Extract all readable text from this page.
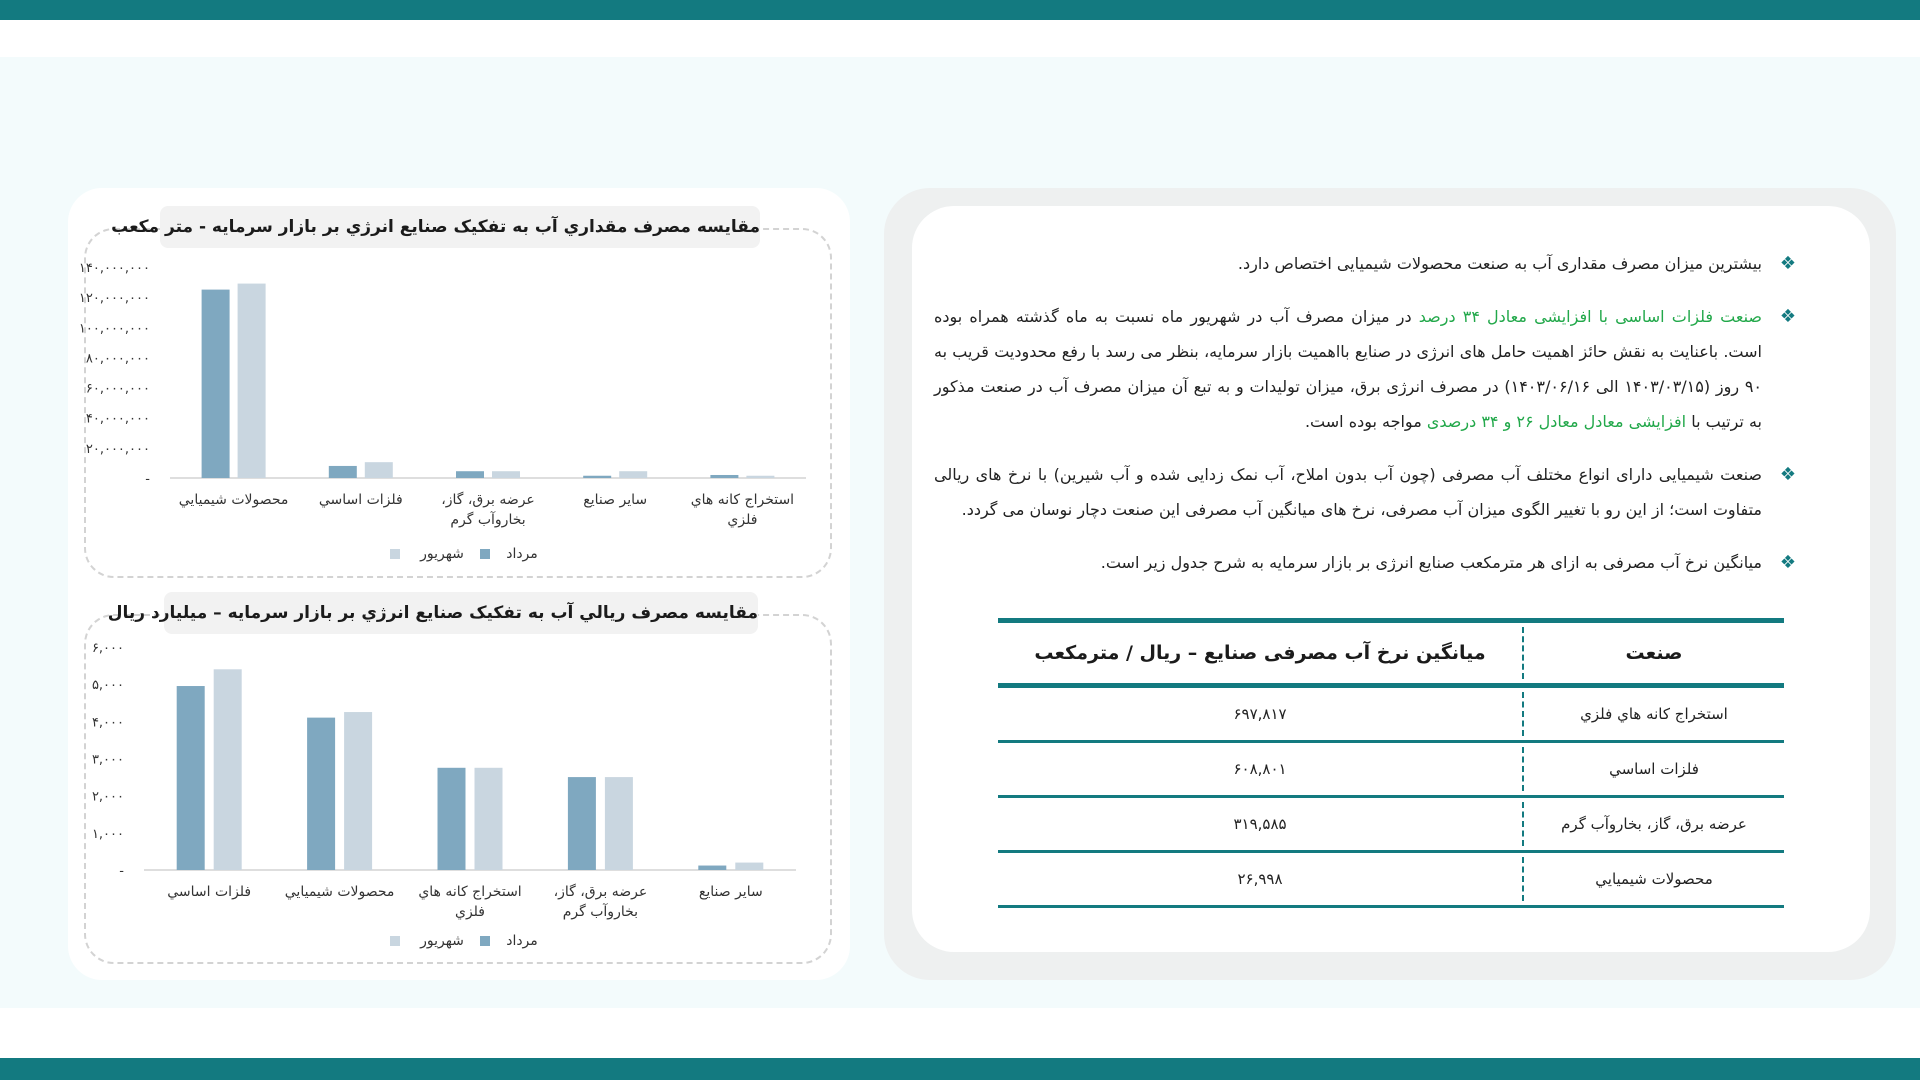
مقايسه مصرف مقداري آب به تفکيک صنايع انرژي بر بازار سرمايه - متر مکعب
مقايسه مصرف ريالي آب به تفکيک صنايع انرژي بر بازار سرمايه – ميليارد ريال
-
۲۰,۰۰۰,۰۰۰
۴۰,۰۰۰,۰۰۰
۶۰,۰۰۰,۰۰۰
۸۰,۰۰۰,۰۰۰
۱۰۰,۰۰۰,۰۰۰
۱۲۰,۰۰۰,۰۰۰
۱۴۰,۰۰۰,۰۰۰
محصولات شيميايي فلزات اساسي	عرضه برق، گاز،
بخاروآب گرم
ساير صنايع	استخراج کانه هاي
فلزي
شهريور	مرداد
-
۱,۰۰۰
۲,۰۰۰
۳,۰۰۰
۴,۰۰۰
۵,۰۰۰
۶,۰۰۰
فلزات اساسي محصولات شيميايي استخراج کانه هاي
فلزي
عرضه برق، گاز،
بخاروآب گرم
ساير صنايع
شهريور	مرداد
❖
بیشترین میزان مصرف مقداری آب به صنعت محصولات شیمیایی اختصاص دارد.
❖
صنعت فلزات اساسی با افزایشی معادل ۳۴ درصد در میزان مصرف آب در شهریور ماه نسبت به ماه گذشته همراه بوده است. باعنایت به نقش حائز اهمیت حامل های انرژی در صنایع بااهمیت بازار سرمایه، بنظر می رسد با رفع محدودیت قریب به ۹۰ روز (۱۴۰۳/۰۳/۱۵ الی ۱۴۰۳/۰۶/۱۶) در مصرف انرژی برق، میزان تولیدات و به تبع آن میزان مصرف آب در صنعت مذکور به ترتیب با افزایشی معادل معادل ۲۶ و ۳۴ درصدی مواجه بوده است.
❖
صنعت شیمیایی دارای انواع مختلف آب مصرفی (چون آب بدون املاح، آب نمک زدایی شده و آب شیرین) با نرخ های ریالی متفاوت است؛ از این رو با تغییر الگوی میزان آب مصرفی، نرخ های میانگین آب مصرفی این صنعت دچار نوسان می گردد.
❖
میانگین نرخ آب مصرفی به ازای هر مترمکعب صنایع انرژی بر بازار سرمایه به شرح جدول زیر است.
صنعت
میانگین نرخ آب مصرفی صنایع – ریال / مترمکعب
استخراج کانه هاي فلزي
۶۹۷,۸۱۷
فلزات اساسي
۶۰۸,۸۰۱
عرضه برق، گاز، بخاروآب گرم
۳۱۹,۵۸۵
محصولات شيميايي
۲۶,۹۹۸
